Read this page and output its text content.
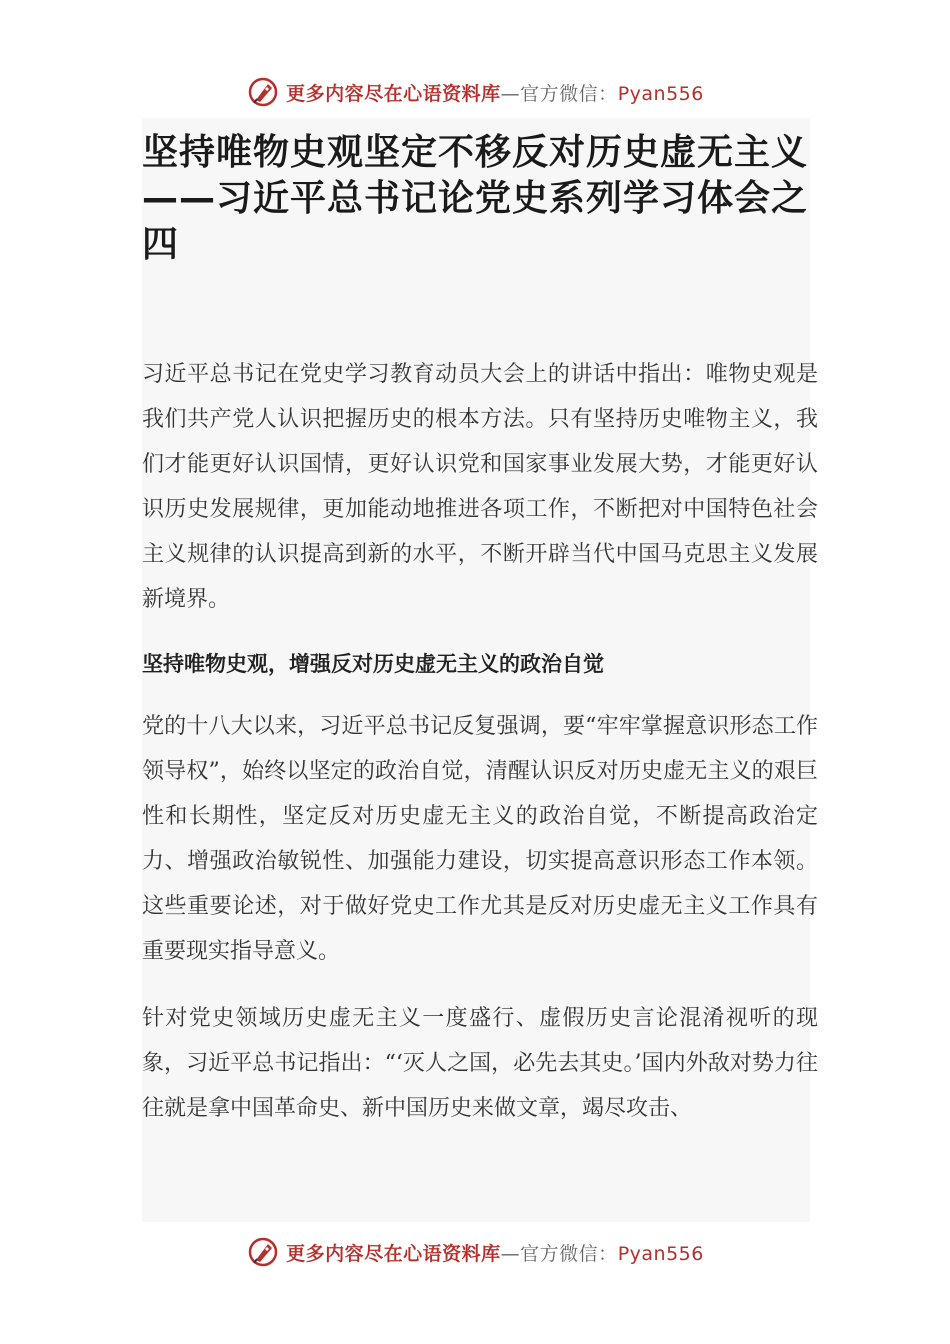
更多内容尽在心语资料库—官方微信：Pyan556
坚持唯物史观坚定不移反对历史虚无主义——习近平总书记论党史系列学习体会之四

习近平总书记在党史学习教育动员大会上的讲话中指出：唯物史观是我们共产党人认识把握历史的根本方法。只有坚持历史唯物主义，我们才能更好认识国情，更好认识党和国家事业发展大势，才能更好认识历史发展规律，更加能动地推进各项工作，不断把对中国特色社会主义规律的认识提高到新的水平，不断开辟当代中国马克思主义发展新境界。

坚持唯物史观，增强反对历史虚无主义的政治自觉

党的十八大以来，习近平总书记反复强调，要“牢牢掌握意识形态工作领导权”，始终以坚定的政治自觉，清醒认识反对历史虚无主义的艰巨性和长期性，坚定反对历史虚无主义的政治自觉，不断提高政治定力、增强政治敏锐性、加强能力建设，切实提高意识形态工作本领。这些重要论述，对于做好党史工作尤其是反对历史虚无主义工作具有重要现实指导意义。

针对党史领域历史虚无主义一度盛行、虚假历史言论混淆视听的现象，习近平总书记指出：“‘灭人之国，必先去其史。’国内外敌对势力往往就是拿中国革命史、新中国历史来做文章，竭尽攻击、

更多内容尽在心语资料库—官方微信：Pyan556
